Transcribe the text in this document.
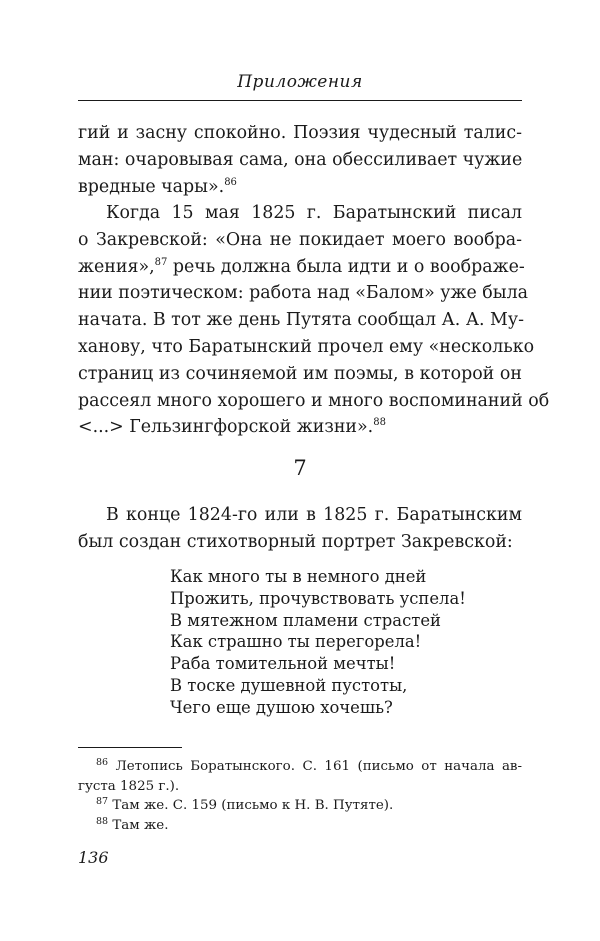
Приложения
гий и засну спокойно. Поэзия чудесный талис-
ман: очаровывая сама, она обессиливает чужие
вредные чары».$^{86}$
Когда 15 мая 1825 г. Баратынский писал
о Закревской: «Она не покидает моего вообра-
жения»,$^{87}$ речь должна была идти и о воображе-
нии поэтическом: работа над «Балом» уже была
начата. В тот же день Путята сообщал А. А. Му-
ханову, что Баратынский прочел ему «несколько
страниц из сочиняемой им поэмы, в которой он
рассеял много хорошего и много воспоминаний об
<...> Гельзингфорской жизни».$^{88}$
7
В конце 1824-го или в 1825 г. Баратынским
был создан стихотворный портрет Закревской:
Как много ты в немного дней
Прожить, прочувствовать успела!
В мятежном пламени страстей
Как страшно ты перегорела!
Раба томительной мечты!
В тоске душевной пустоты,
Чего еще душою хочешь?
$^{86}$ Летопись Боратынского. С. 161 (письмо от начала ав-
густа 1825 г.).
$^{87}$ Там же. С. 159 (письмо к Н. В. Путяте).
$^{88}$ Там же.
136
